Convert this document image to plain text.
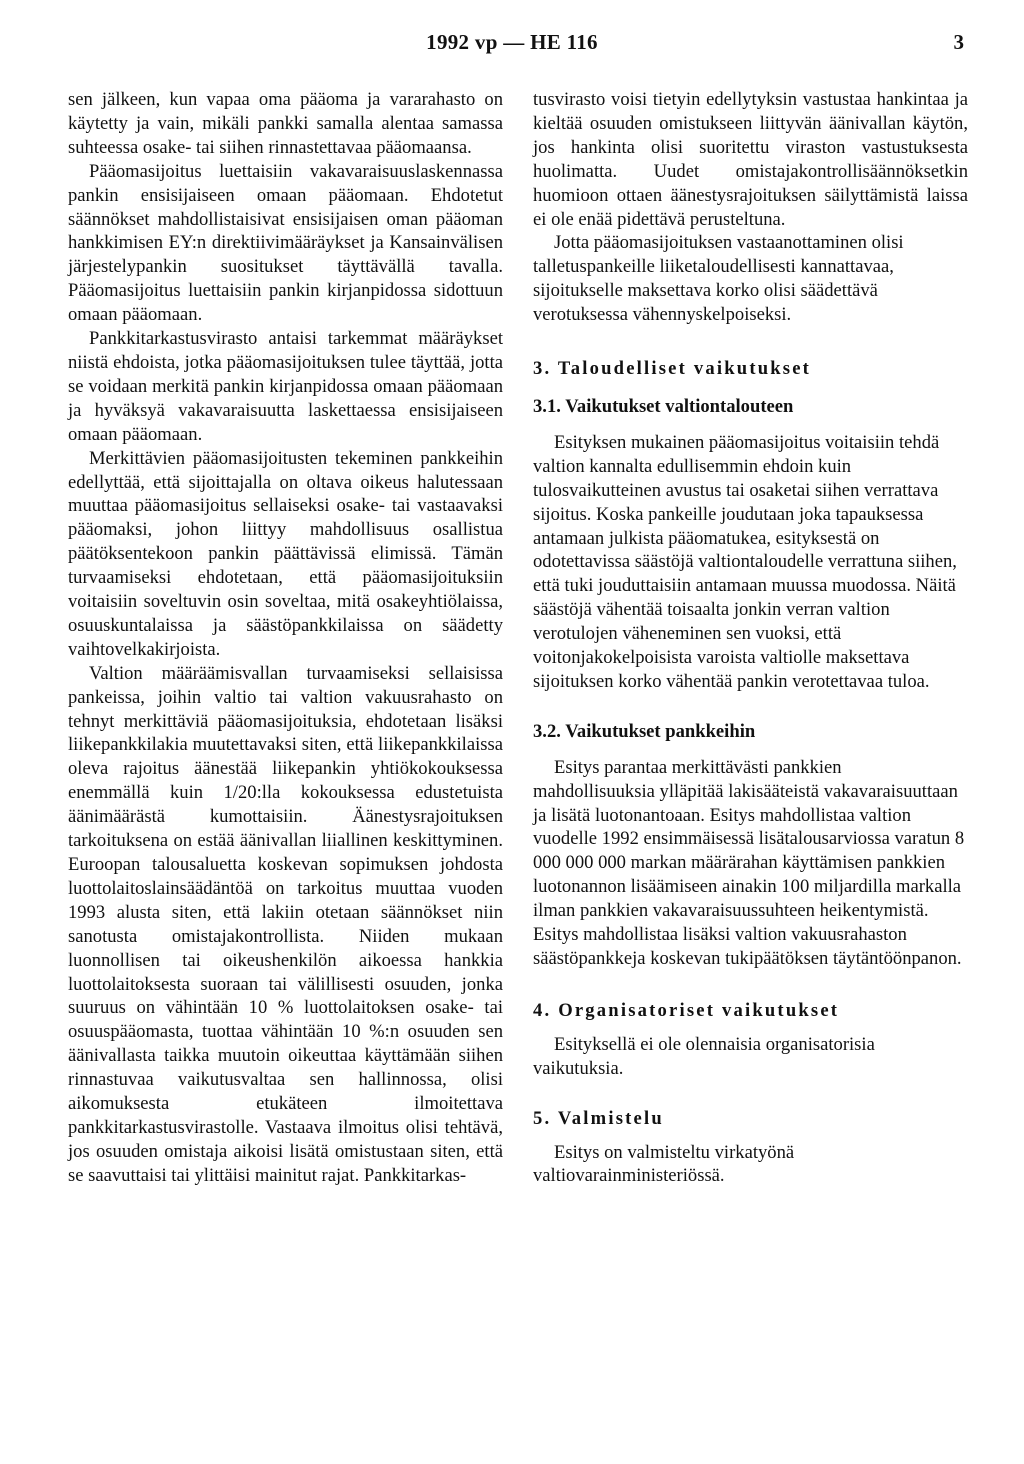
1992 vp — HE 116	3

sen jälkeen, kun vapaa oma pääoma ja vararahasto on käytetty ja vain, mikäli pankki samalla alentaa samassa suhteessa osake- tai siihen rinnastettavaa pääomaansa.

Pääomasijoitus luettaisiin vakavaraisuuslaskennassa pankin ensisijaiseen omaan pääomaan. Ehdotetut säännökset mahdollistaisivat ensisijaisen oman pääoman hankkimisen EY:n direktiivimääräykset ja Kansainvälisen järjestelypankin suositukset täyttävällä tavalla. Pääomasijoitus luettaisiin pankin kirjanpidossa sidottuun omaan pääomaan.

Pankkitarkastusvirasto antaisi tarkemmat määräykset niistä ehdoista, jotka pääomasijoituksen tulee täyttää, jotta se voidaan merkitä pankin kirjanpidossa omaan pääomaan ja hyväksyä vakavaraisuutta laskettaessa ensisijaiseen omaan pääomaan.

Merkittävien pääomasijoitusten tekeminen pankkeihin edellyttää, että sijoittajalla on oltava oikeus halutessaan muuttaa pääomasijoitus sellaiseksi osake- tai vastaavaksi pääomaksi, johon liittyy mahdollisuus osallistua päätöksentekoon pankin päättävissä elimissä. Tämän turvaamiseksi ehdotetaan, että pääomasijoituksiin voitaisiin soveltuvin osin soveltaa, mitä osakeyhtiölaissa, osuuskuntalaissa ja säästöpankkilaissa on säädetty vaihtovelkakirjoista.

Valtion määräämisvallan turvaamiseksi sellaisissa pankeissa, joihin valtio tai valtion vakuusrahasto on tehnyt merkittäviä pääomasijoituksia, ehdotetaan lisäksi liikepankkilakia muutettavaksi siten, että liikepankkilaissa oleva rajoitus äänestää liikepankin yhtiökokouksessa enemmällä kuin 1/20:lla kokouksessa edustetuista äänimäärästä kumottaisiin. Äänestysrajoituksen tarkoituksena on estää äänivallan liiallinen keskittyminen. Euroopan talousaluetta koskevan sopimuksen johdosta luottolaitoslainsäädäntöä on tarkoitus muuttaa vuoden 1993 alusta siten, että lakiin otetaan säännökset niin sanotusta omistajakontrollista. Niiden mukaan luonnollisen tai oikeushenkilön aikoessa hankkia luottolaitoksesta suoraan tai välillisesti osuuden, jonka suuruus on vähintään 10 % luottolaitoksen osake- tai osuuspääomasta, tuottaa vähintään 10 %:n osuuden sen äänivallasta taikka muutoin oikeuttaa käyttämään siihen rinnastuvaa vaikutusvaltaa sen hallinnossa, olisi aikomuksesta etukäteen ilmoitettava pankkitarkastusvirastolle. Vastaava ilmoitus olisi tehtävä, jos osuuden omistaja aikoisi lisätä omistustaan siten, että se saavuttaisi tai ylittäisi mainitut rajat. Pankkitarkas-

tusvirasto voisi tietyin edellytyksin vastustaa hankintaa ja kieltää osuuden omistukseen liittyvän äänivallan käytön, jos hankinta olisi suoritettu viraston vastustuksesta huolimatta. Uudet omistajakontrollisäännöksetkin huomioon ottaen äänestysrajoituksen säilyttämistä laissa ei ole enää pidettävä perusteltuna.

Jotta pääomasijoituksen vastaanottaminen olisi talletuspankeille liiketaloudellisesti kannattavaa, sijoitukselle maksettava korko olisi säädettävä verotuksessa vähennyskelpoiseksi.

3. Taloudelliset vaikutukset
3.1. Vaikutukset valtiontalouteen

Esityksen mukainen pääomasijoitus voitaisiin tehdä valtion kannalta edullisemmin ehdoin kuin tulosvaikutteinen avustus tai osaketai siihen verrattava sijoitus. Koska pankeille joudutaan joka tapauksessa antamaan julkista pääomatukea, esityksestä on odotettavissa säästöjä valtiontaloudelle verrattuna siihen, että tuki jouduttaisiin antamaan muussa muodossa. Näitä säästöjä vähentää toisaalta jonkin verran valtion verotulojen väheneminen sen vuoksi, että voitonjakokelpoisista varoista valtiolle maksettava sijoituksen korko vähentää pankin verotettavaa tuloa.

3.2. Vaikutukset pankkeihin

Esitys parantaa merkittävästi pankkien mahdollisuuksia ylläpitää lakisääteistä vakavaraisuuttaan ja lisätä luotonantoaan. Esitys mahdollistaa valtion vuodelle 1992 ensimmäisessä lisätalousarviossa varatun 8 000 000 000 markan määrärahan käyttämisen pankkien luotonannon lisäämiseen ainakin 100 miljardilla markalla ilman pankkien vakavaraisuussuhteen heikentymistä. Esitys mahdollistaa lisäksi valtion vakuusrahaston säästöpankkeja koskevan tukipäätöksen täytäntöönpanon.

4. Organisatoriset vaikutukset

Esityksellä ei ole olennaisia organisatorisia vaikutuksia.

5. Valmistelu

Esitys on valmisteltu virkatyönä valtiovarainministeriössä.
